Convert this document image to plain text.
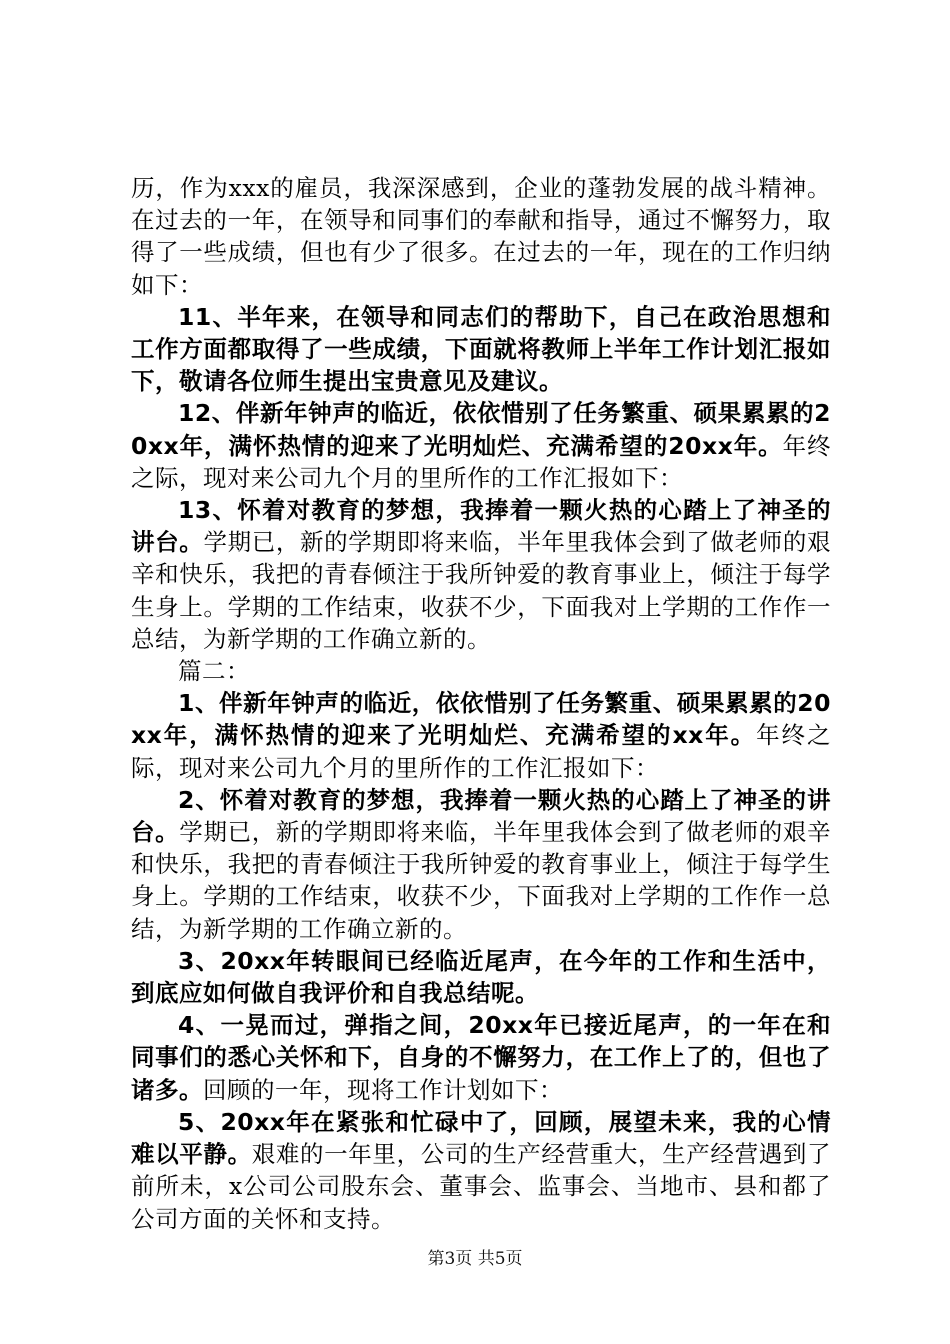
历，作为xxx的雇员，我深深感到，企业的蓬勃发展的战斗精神。在过去的一年，在领导和同事们的奉献和指导，通过不懈努力，取得了一些成绩，但也有少了很多。在过去的一年，现在的工作归纳如下：

11、半年来，在领导和同志们的帮助下，自己在政治思想和工作方面都取得了一些成绩，下面就将教师上半年工作计划汇报如下，敬请各位师生提出宝贵意见及建议。

12、伴新年钟声的临近，依依惜别了任务繁重、硕果累累的20xx年，满怀热情的迎来了光明灿烂、充满希望的20xx年。年终之际，现对来公司九个月的里所作的工作汇报如下：

13、怀着对教育的梦想，我捧着一颗火热的心踏上了神圣的讲台。学期已，新的学期即将来临，半年里我体会到了做老师的艰辛和快乐，我把的青春倾注于我所钟爱的教育事业上，倾注于每学生身上。学期的工作结束，收获不少，下面我对上学期的工作作一总结，为新学期的工作确立新的。

篇二：

1、伴新年钟声的临近，依依惜别了任务繁重、硕果累累的20xx年，满怀热情的迎来了光明灿烂、充满希望的xx年。年终之际，现对来公司九个月的里所作的工作汇报如下：

2、怀着对教育的梦想，我捧着一颗火热的心踏上了神圣的讲台。学期已，新的学期即将来临，半年里我体会到了做老师的艰辛和快乐，我把的青春倾注于我所钟爱的教育事业上，倾注于每学生身上。学期的工作结束，收获不少，下面我对上学期的工作作一总结，为新学期的工作确立新的。

3、20xx年转眼间已经临近尾声，在今年的工作和生活中，到底应如何做自我评价和自我总结呢。

4、一晃而过，弹指之间，20xx年已接近尾声，的一年在和同事们的悉心关怀和下，自身的不懈努力，在工作上了的，但也了诸多。回顾的一年，现将工作计划如下：

5、20xx年在紧张和忙碌中了，回顾，展望未来，我的心情难以平静。艰难的一年里，公司的生产经营重大，生产经营遇到了前所未，x公司公司股东会、董事会、监事会、当地市、县和都了公司方面的关怀和支持。

第3页 共5页
